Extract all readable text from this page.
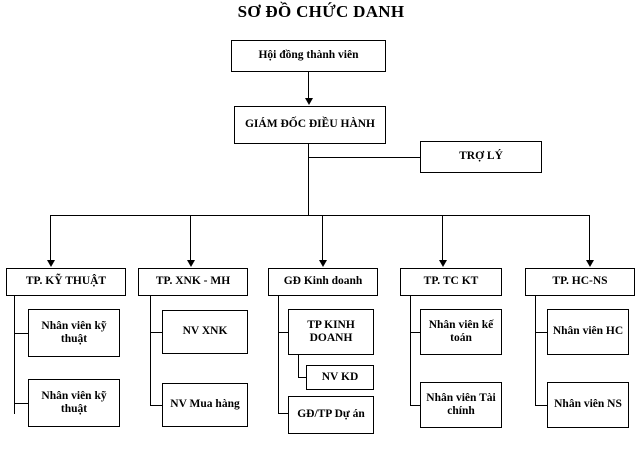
SƠ ĐỒ CHỨC DANH
Hội đồng thành viên
GIÁM ĐỐC ĐIỀU HÀNH
TRỢ LÝ
TP. KỸ THUẬT	TP. XNK - MH	GĐ Kinh doanh	TP. TC KT	TP. HC-NS
Nhân viên kỹ thuật
Nhân viên kỹ thuật
NV XNK
NV Mua hàng
TP KINH DOANH
NV KD
GĐ/TP Dự án
Nhân viên kế toán
Nhân viên Tài chính
Nhân viên HC
Nhân viên NS
